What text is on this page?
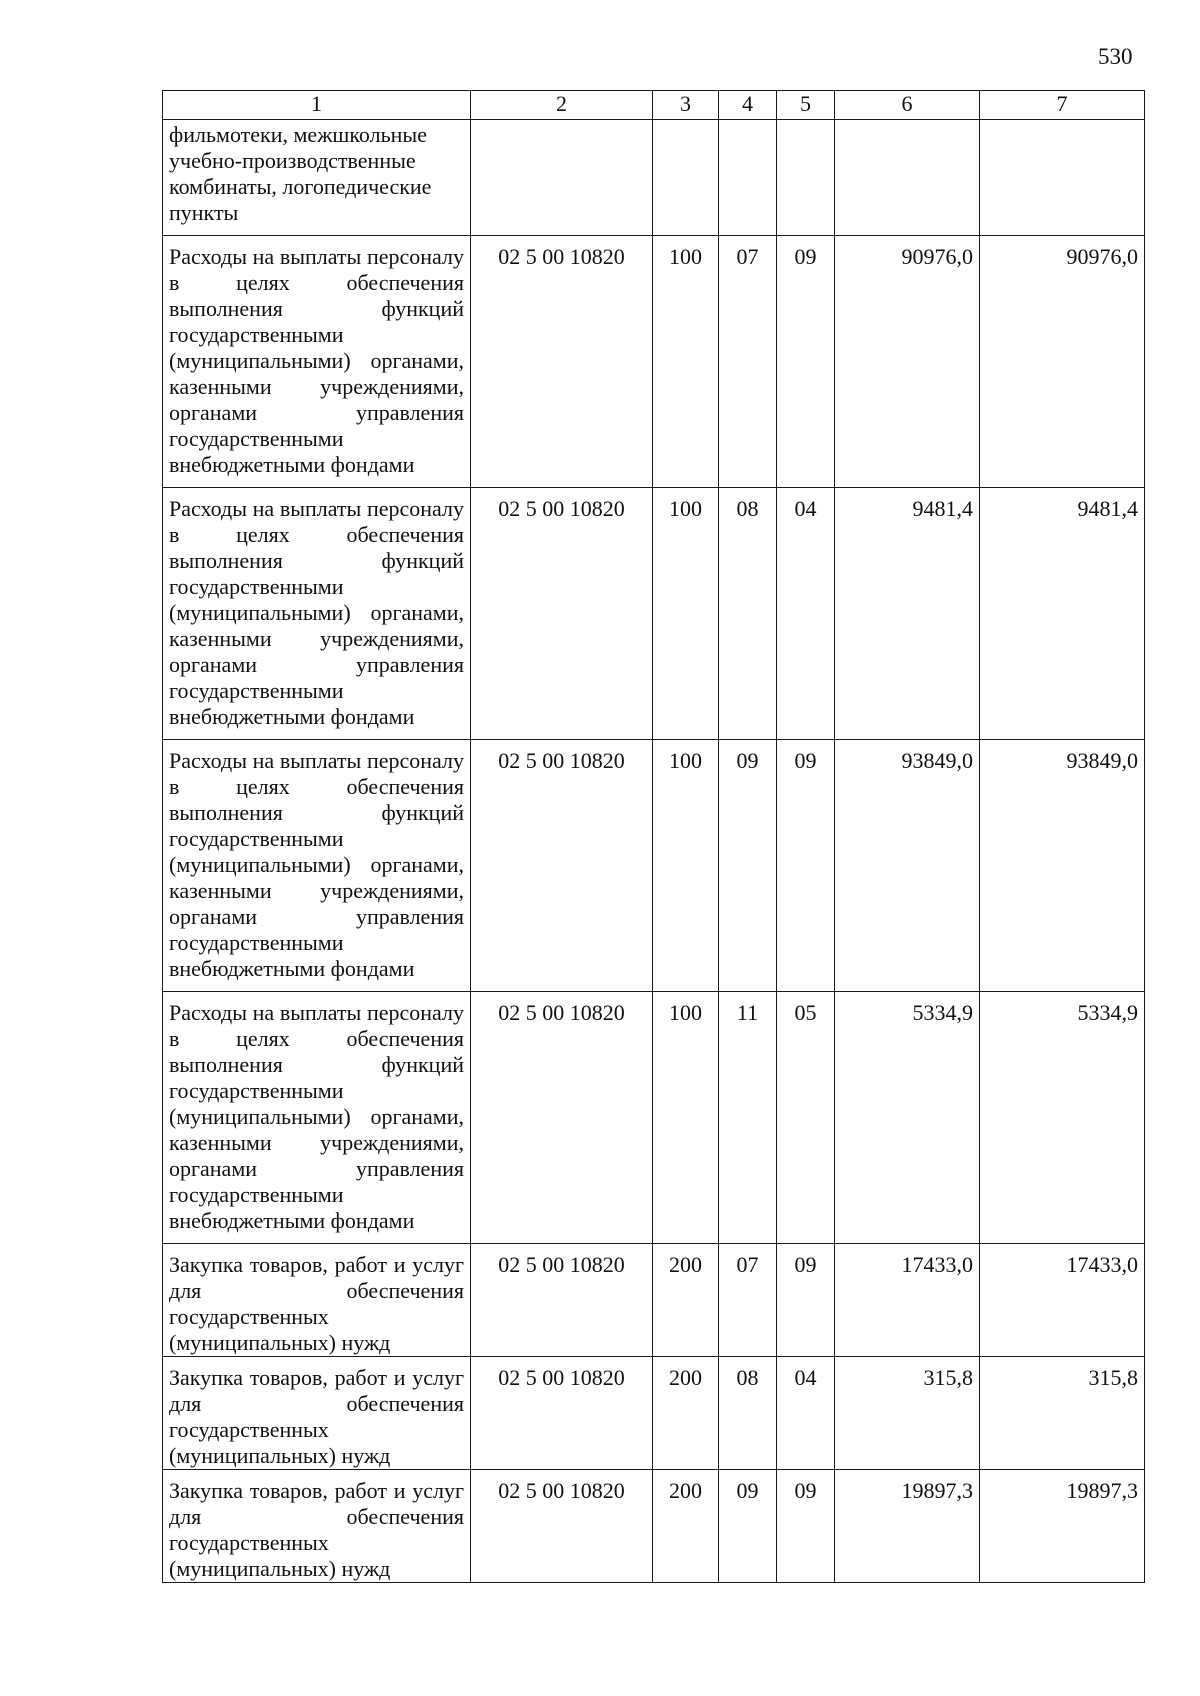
530
1	2	3	4	5	6	7
фильмотеки, межшкольные учебно-производственные комбинаты, логопедические пункты						
Расходы на выплаты персоналу в целях обеспечения выполнения функций государственными (муниципальными) органами, казенными учреждениями, органами управления государственными внебюджетными фондами	02 5 00 10820	100	07	09	90976,0	90976,0
Расходы на выплаты персоналу в целях обеспечения выполнения функций государственными (муниципальными) органами, казенными учреждениями, органами управления государственными внебюджетными фондами	02 5 00 10820	100	08	04	9481,4	9481,4
Расходы на выплаты персоналу в целях обеспечения выполнения функций государственными (муниципальными) органами, казенными учреждениями, органами управления государственными внебюджетными фондами	02 5 00 10820	100	09	09	93849,0	93849,0
Расходы на выплаты персоналу в целях обеспечения выполнения функций государственными (муниципальными) органами, казенными учреждениями, органами управления государственными внебюджетными фондами	02 5 00 10820	100	11	05	5334,9	5334,9
Закупка товаров, работ и услуг для обеспечения государственных (муниципальных) нужд	02 5 00 10820	200	07	09	17433,0	17433,0
Закупка товаров, работ и услуг для обеспечения государственных (муниципальных) нужд	02 5 00 10820	200	08	04	315,8	315,8
Закупка товаров, работ и услуг для обеспечения государственных (муниципальных) нужд	02 5 00 10820	200	09	09	19897,3	19897,3
